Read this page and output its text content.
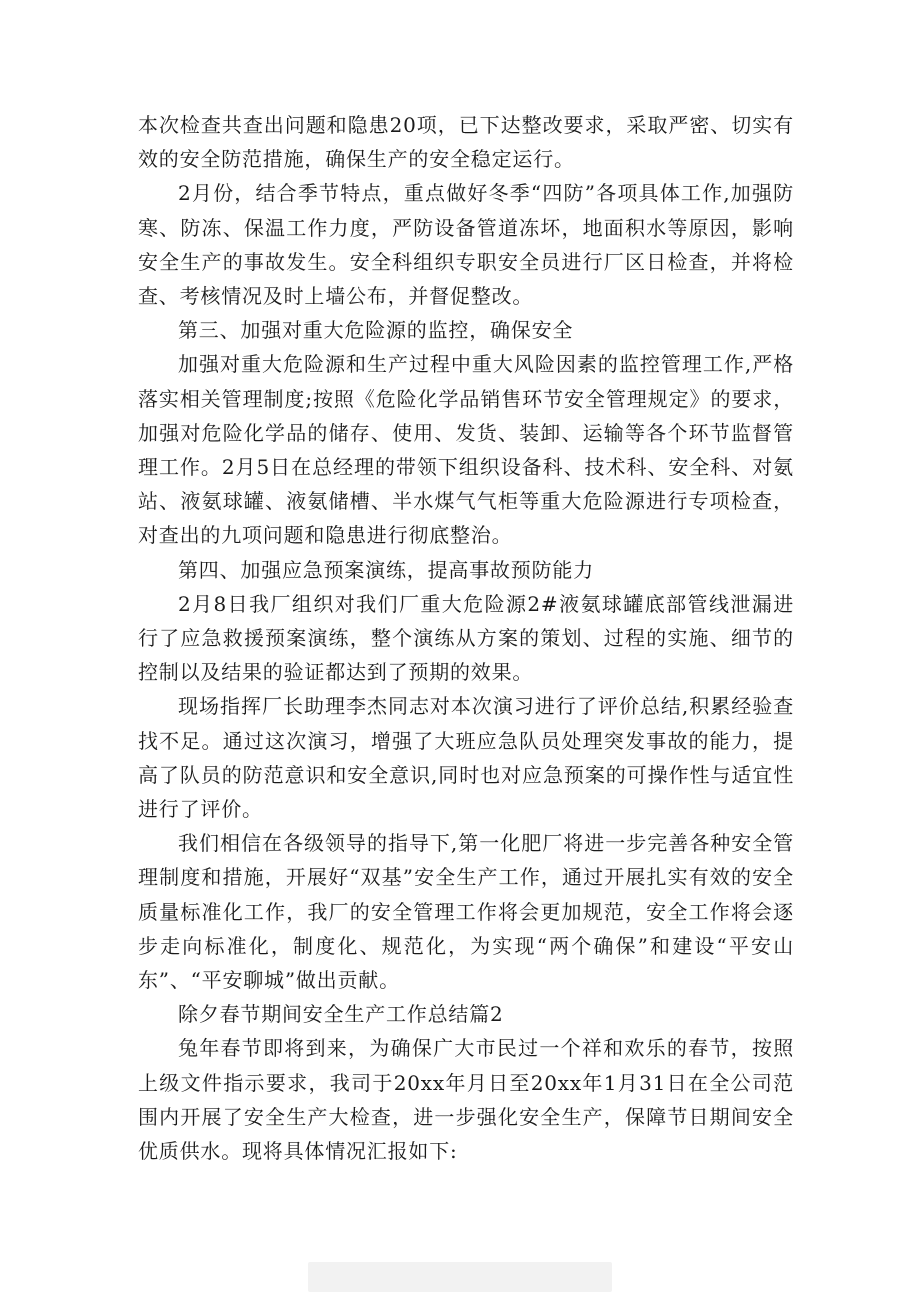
本次检查共查出问题和隐患20项，已下达整改要求，采取严密、切实有效的安全防范措施，确保生产的安全稳定运行。

2月份，结合季节特点，重点做好冬季“四防”各项具体工作,加强防寒、防冻、保温工作力度，严防设备管道冻坏，地面积水等原因，影响安全生产的事故发生。安全科组织专职安全员进行厂区日检查，并将检查、考核情况及时上墙公布，并督促整改。

第三、加强对重大危险源的监控，确保安全

加强对重大危险源和生产过程中重大风险因素的监控管理工作,严格落实相关管理制度;按照《危险化学品销售环节安全管理规定》的要求，加强对危险化学品的储存、使用、发货、装卸、运输等各个环节监督管理工作。2月5日在总经理的带领下组织设备科、技术科、安全科、对氨站、液氨球罐、液氨储槽、半水煤气气柜等重大危险源进行专项检查，对查出的九项问题和隐患进行彻底整治。

第四、加强应急预案演练，提高事故预防能力

2月8日我厂组织对我们厂重大危险源2#液氨球罐底部管线泄漏进行了应急救援预案演练，整个演练从方案的策划、过程的实施、细节的控制以及结果的验证都达到了预期的效果。

现场指挥厂长助理李杰同志对本次演习进行了评价总结,积累经验查找不足。通过这次演习，增强了大班应急队员处理突发事故的能力，提高了队员的防范意识和安全意识,同时也对应急预案的可操作性与适宜性进行了评价。

我们相信在各级领导的指导下,第一化肥厂将进一步完善各种安全管理制度和措施，开展好“双基”安全生产工作，通过开展扎实有效的安全质量标准化工作，我厂的安全管理工作将会更加规范，安全工作将会逐步走向标准化，制度化、规范化，为实现“两个确保”和建设“平安山东”、“平安聊城”做出贡献。

除夕春节期间安全生产工作总结篇2

兔年春节即将到来，为确保广大市民过一个祥和欢乐的春节，按照上级文件指示要求，我司于20xx年月日至20xx年1月31日在全公司范围内开展了安全生产大检查，进一步强化安全生产，保障节日期间安全优质供水。现将具体情况汇报如下:
